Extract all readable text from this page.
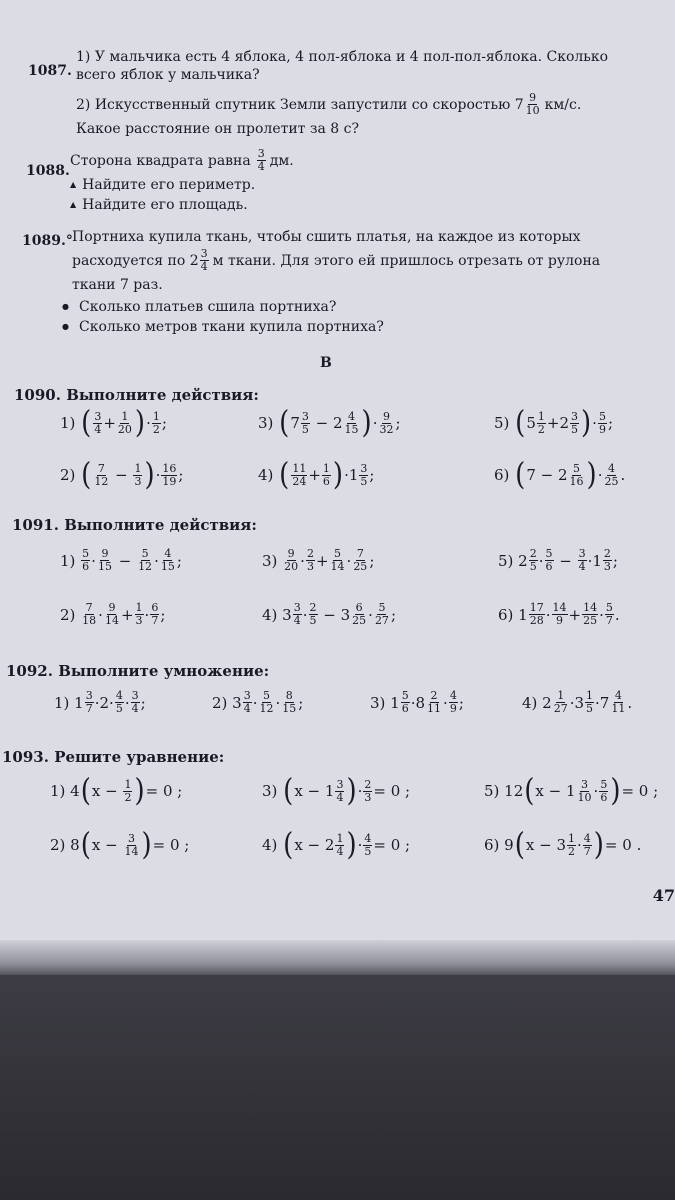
1087.
1) У мальчика есть 4 яблока, 4 пол-яблока и 4 пол-пол-яблока. Сколько
всего яблок у мальчика?
2) Искусственный спутник Земли запустили со скоростью $7 \frac{9}{10} км/с$.
Какое расстояние он пролетит за 8 с?
1088.
Сторона квадрата равна $\frac{3}{4}$ дм.
▲ Найдите его периметр.
▲ Найдите его площадь.
1089.° Портниха купила ткань, чтобы сшить платья, на каждое из которых
расходуется по $2 \frac{3}{4}$ м ткани. Для этого ей пришлось отрезать от рулона
ткани 7 раз.
● Сколько платьев сшила портниха?
● Сколько метров ткани купила портниха?
В
1090. Выполните действия:
1) ( $\frac{3}{4} + \frac{1}{20}$ ) · $\frac{1}{2}$ ;	3) ( $7 \frac{3}{5} - 2 \frac{4}{15}$ ) · $\frac{9}{32}$ ;	5) ( $5 \frac{1}{2} +2 \frac{3}{5}$ ) · $\frac{5}{9}$ ;
2) ( $\frac{7}{12} - \frac{1}{3}$ ) · $\frac{16}{19}$ ;	4) ( $\frac{11}{24} + \frac{1}{6}$ ) $\cdot 1 \frac{3}{5}$ ;	6) ( $7 - 2 \frac{5}{16}$ ) · $\frac{4}{25}$ .
1091. Выполните действия:
$1) \frac{5}{6} \cdot \frac{9}{15} - \frac{5}{12} \cdot \frac{4}{15}$ ;	$3) \frac{9}{20} \cdot \frac{2}{3} + \frac{5}{14} \cdot \frac{7}{25}$ ;	5) $2 \frac{2}{5} \cdot \frac{5}{6} - \frac{3}{4} \cdot 1 \frac{2}{3}$ ;
$2) \frac{7}{18} \cdot \frac{9}{14} + \frac{1}{3} \cdot \frac{6}{7}$ ;	4) $3 \frac{3}{4} \cdot \frac{2}{5} - 3 \frac{6}{25} \cdot \frac{5}{27}$ ;	6) $1 \frac{17}{28} \cdot \frac{14}{9} + \frac{14}{25} \cdot \frac{5}{7}$ .
1092. Выполните умножение:
1) $1 \frac{3}{7} \cdot 2\cdot \frac{4}{5} \cdot \frac{3}{4}$ ;	2) $3 \frac{3}{4} \cdot \frac{5}{12} \cdot \frac{8}{15}$ ;	3) $1 \frac{5}{6} \cdot 8 \frac{2}{11} \cdot \frac{4}{9}$ ;	4) $2 \frac{1}{27} \cdot 3 \frac{1}{5} \cdot 7 \frac{4}{11}$ .
1093. Решите уравнение:
1) 4 ( $x - \frac{1}{2}$ ) = 0 ;	3) ( $x - 1 \frac{3}{4}$ ) · $\frac{2}{3} = 0$ ;	5) 12 ( $x - 1 \frac{3}{10} \cdot \frac{5}{6}$ ) = 0 ;
2) 8 ( $x - \frac{3}{14}$ ) = 0 ;	4) ( $x - 2 \frac{1}{4}$ ) · $\frac{4}{5} = 0$ ;	6) 9 ( $x - 3 \frac{1}{2} \cdot \frac{4}{7}$ ) = 0 .
47
